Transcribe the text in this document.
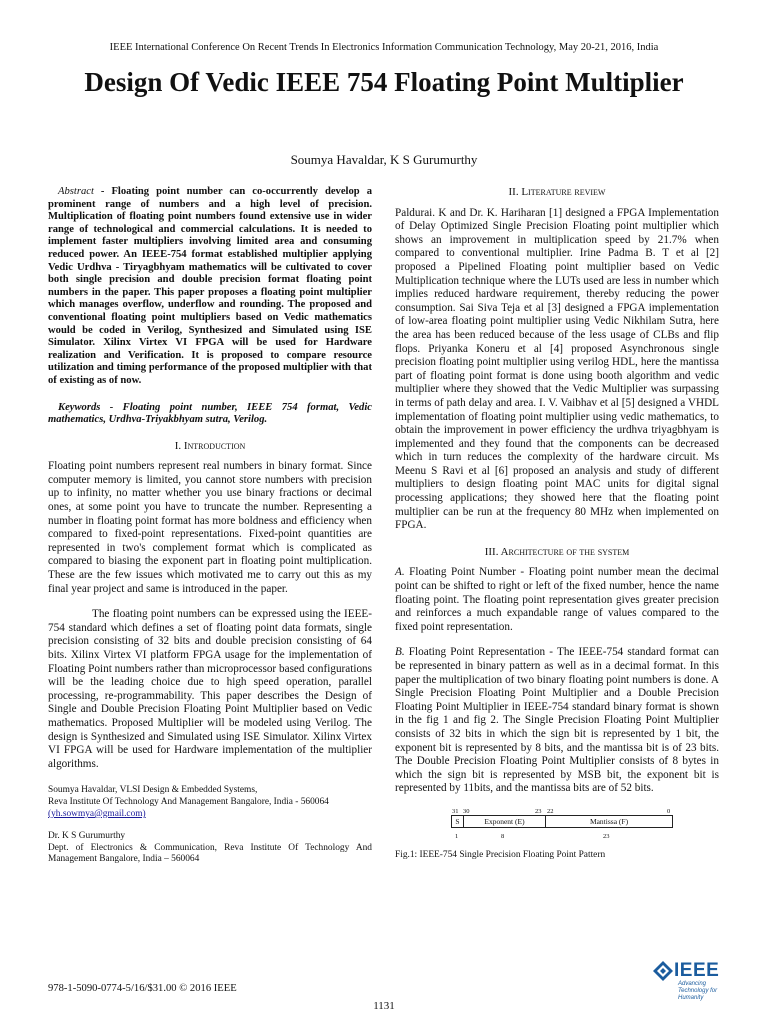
IEEE International Conference On Recent Trends In Electronics Information Communication Technology, May 20-21, 2016, India
Design Of Vedic IEEE 754 Floating Point Multiplier
Soumya Havaldar, K S Gurumurthy

Abstract - Floating point number can co-occurrently develop a prominent range of numbers and a high level of precision. Multiplication of floating point numbers found extensive use in wider range of technological and commercial calculations. It is needed to implement faster multipliers involving limited area and consuming reduced power. An IEEE-754 format established multiplier applying Vedic Urdhva - Tiryagbhyam mathematics will be cultivated to cover both single precision and double precision format floating point numbers in the paper. This paper proposes a floating point multiplier which manages overflow, underflow and rounding. The proposed and conventional floating point multipliers based on Vedic mathematics would be coded in Verilog, Synthesized and Simulated using ISE Simulator. Xilinx Virtex VI FPGA will be used for Hardware realization and Verification. It is proposed to compare resource utilization and timing performance of the proposed multiplier with that of existing as of now.

Keywords - Floating point number, IEEE 754 format, Vedic mathematics, Urdhva-Triyakbhyam sutra, Verilog.

I. Introduction

Floating point numbers represent real numbers in binary format. Since computer memory is limited, you cannot store numbers with precision up to infinity, no matter whether you use binary fractions or decimal ones, at some point you have to truncate the number. Representing a number in floating point format has more boldness and efficiency when compared to fixed-point representations. Fixed-point quantities are represented in two's complement format which is complicated as compared to biasing the exponent part in floating point multiplication. These are the few issues which motivated me to carry out this as my final year project and same is introduced in the paper.

The floating point numbers can be expressed using the IEEE-754 standard which defines a set of floating point data formats, single precision consisting of 32 bits and double precision consisting of 64 bits. Xilinx Virtex VI platform FPGA usage for the implementation of Floating Point numbers rather than microprocessor based configurations will be the leading choice due to high speed operation, parallel processing, re-programmability. This paper describes the Design of Single and Double Precision Floating Point Multiplier based on Vedic mathematics. Proposed Multiplier will be modeled using Verilog. The design is Synthesized and Simulated using ISE Simulator. Xilinx Virtex VI FPGA will be used for Hardware implementation of the multiplier algorithms.

Soumya Havaldar, VLSI Design & Embedded Systems,
Reva Institute Of Technology And Management Bangalore, India - 560064
(yh.sowmya@gmail.com)

Dr. K S Gurumurthy
Dept. of Electronics & Communication, Reva Institute Of Technology And Management Bangalore, India – 560064

II. Literature review

Paldurai. K and Dr. K. Hariharan [1] designed a FPGA Implementation of Delay Optimized Single Precision Floating point multiplier which shows an improvement in multiplication speed by 21.7% when compared to conventional multiplier. Irine Padma B. T et al [2] proposed a Pipelined Floating point multiplier based on Vedic Multiplication technique where the LUTs used are less in number which implies reduced hardware requirement, thereby reducing the power consumption. Sai Siva Teja et al [3] designed a FPGA implementation of low-area floating point multiplier using Vedic Nikhilam Sutra, here the area has been reduced because of the less usage of CLBs and flip flops. Priyanka Koneru et al [4] proposed Asynchronous single precision floating point multiplier using verilog HDL, here the mantissa part of floating point format is done using booth algorithm and vedic multiplier where they showed that the Vedic Multiplier was surpassing in terms of path delay and area. I. V. Vaibhav et al [5] designed a VHDL implementation of floating point multiplier using vedic mathematics, to obtain the improvement in power efficiency the urdhva triyagbhyam is implemented and they found that the components can be decreased which in turn reduces the complexity of the hardware circuit. Ms Meenu S Ravi et al [6] proposed an analysis and study of different multipliers to design floating point MAC units for digital signal processing applications; they showed here that the floating point multiplier can be run at the frequency 80 MHz when implemented on FPGA.

III. Architecture of the system

A. Floating Point Number - Floating point number mean the decimal point can be shifted to right or left of the fixed number, hence the name floating point. The floating point representation gives greater precision and reinforces a much expandable range of values compared to the fixed point representation.

B. Floating Point Representation - The IEEE-754 standard format can be represented in binary pattern as well as in a decimal format. In this paper the multiplication of two binary floating point numbers is done. A Single Precision Floating Point Multiplier and a Double Precision Floating Point Multiplier in IEEE-754 standard binary format is shown in the fig 1 and fig 2. The Single Precision Floating Point Multiplier consists of 32 bits in which the sign bit is represented by 1 bit, the exponent bit is represented by 8 bits, and the mantissa bit is of 23 bits. The Double Precision Floating Point Multiplier consists of 8 bytes in which the sign bit is represented by MSB bit, the exponent bit is represented by 11bits, and the mantissa bits are of 52 bits.

31 30	23 22	0
S	Exponent (E)	Mantissa (F)
1	8	23

Fig.1: IEEE-754 Single Precision Floating Point Pattern

978-1-5090-0774-5/16/$31.00 © 2016 IEEE
1131
IEEE
Advancing Technology for Humanity
